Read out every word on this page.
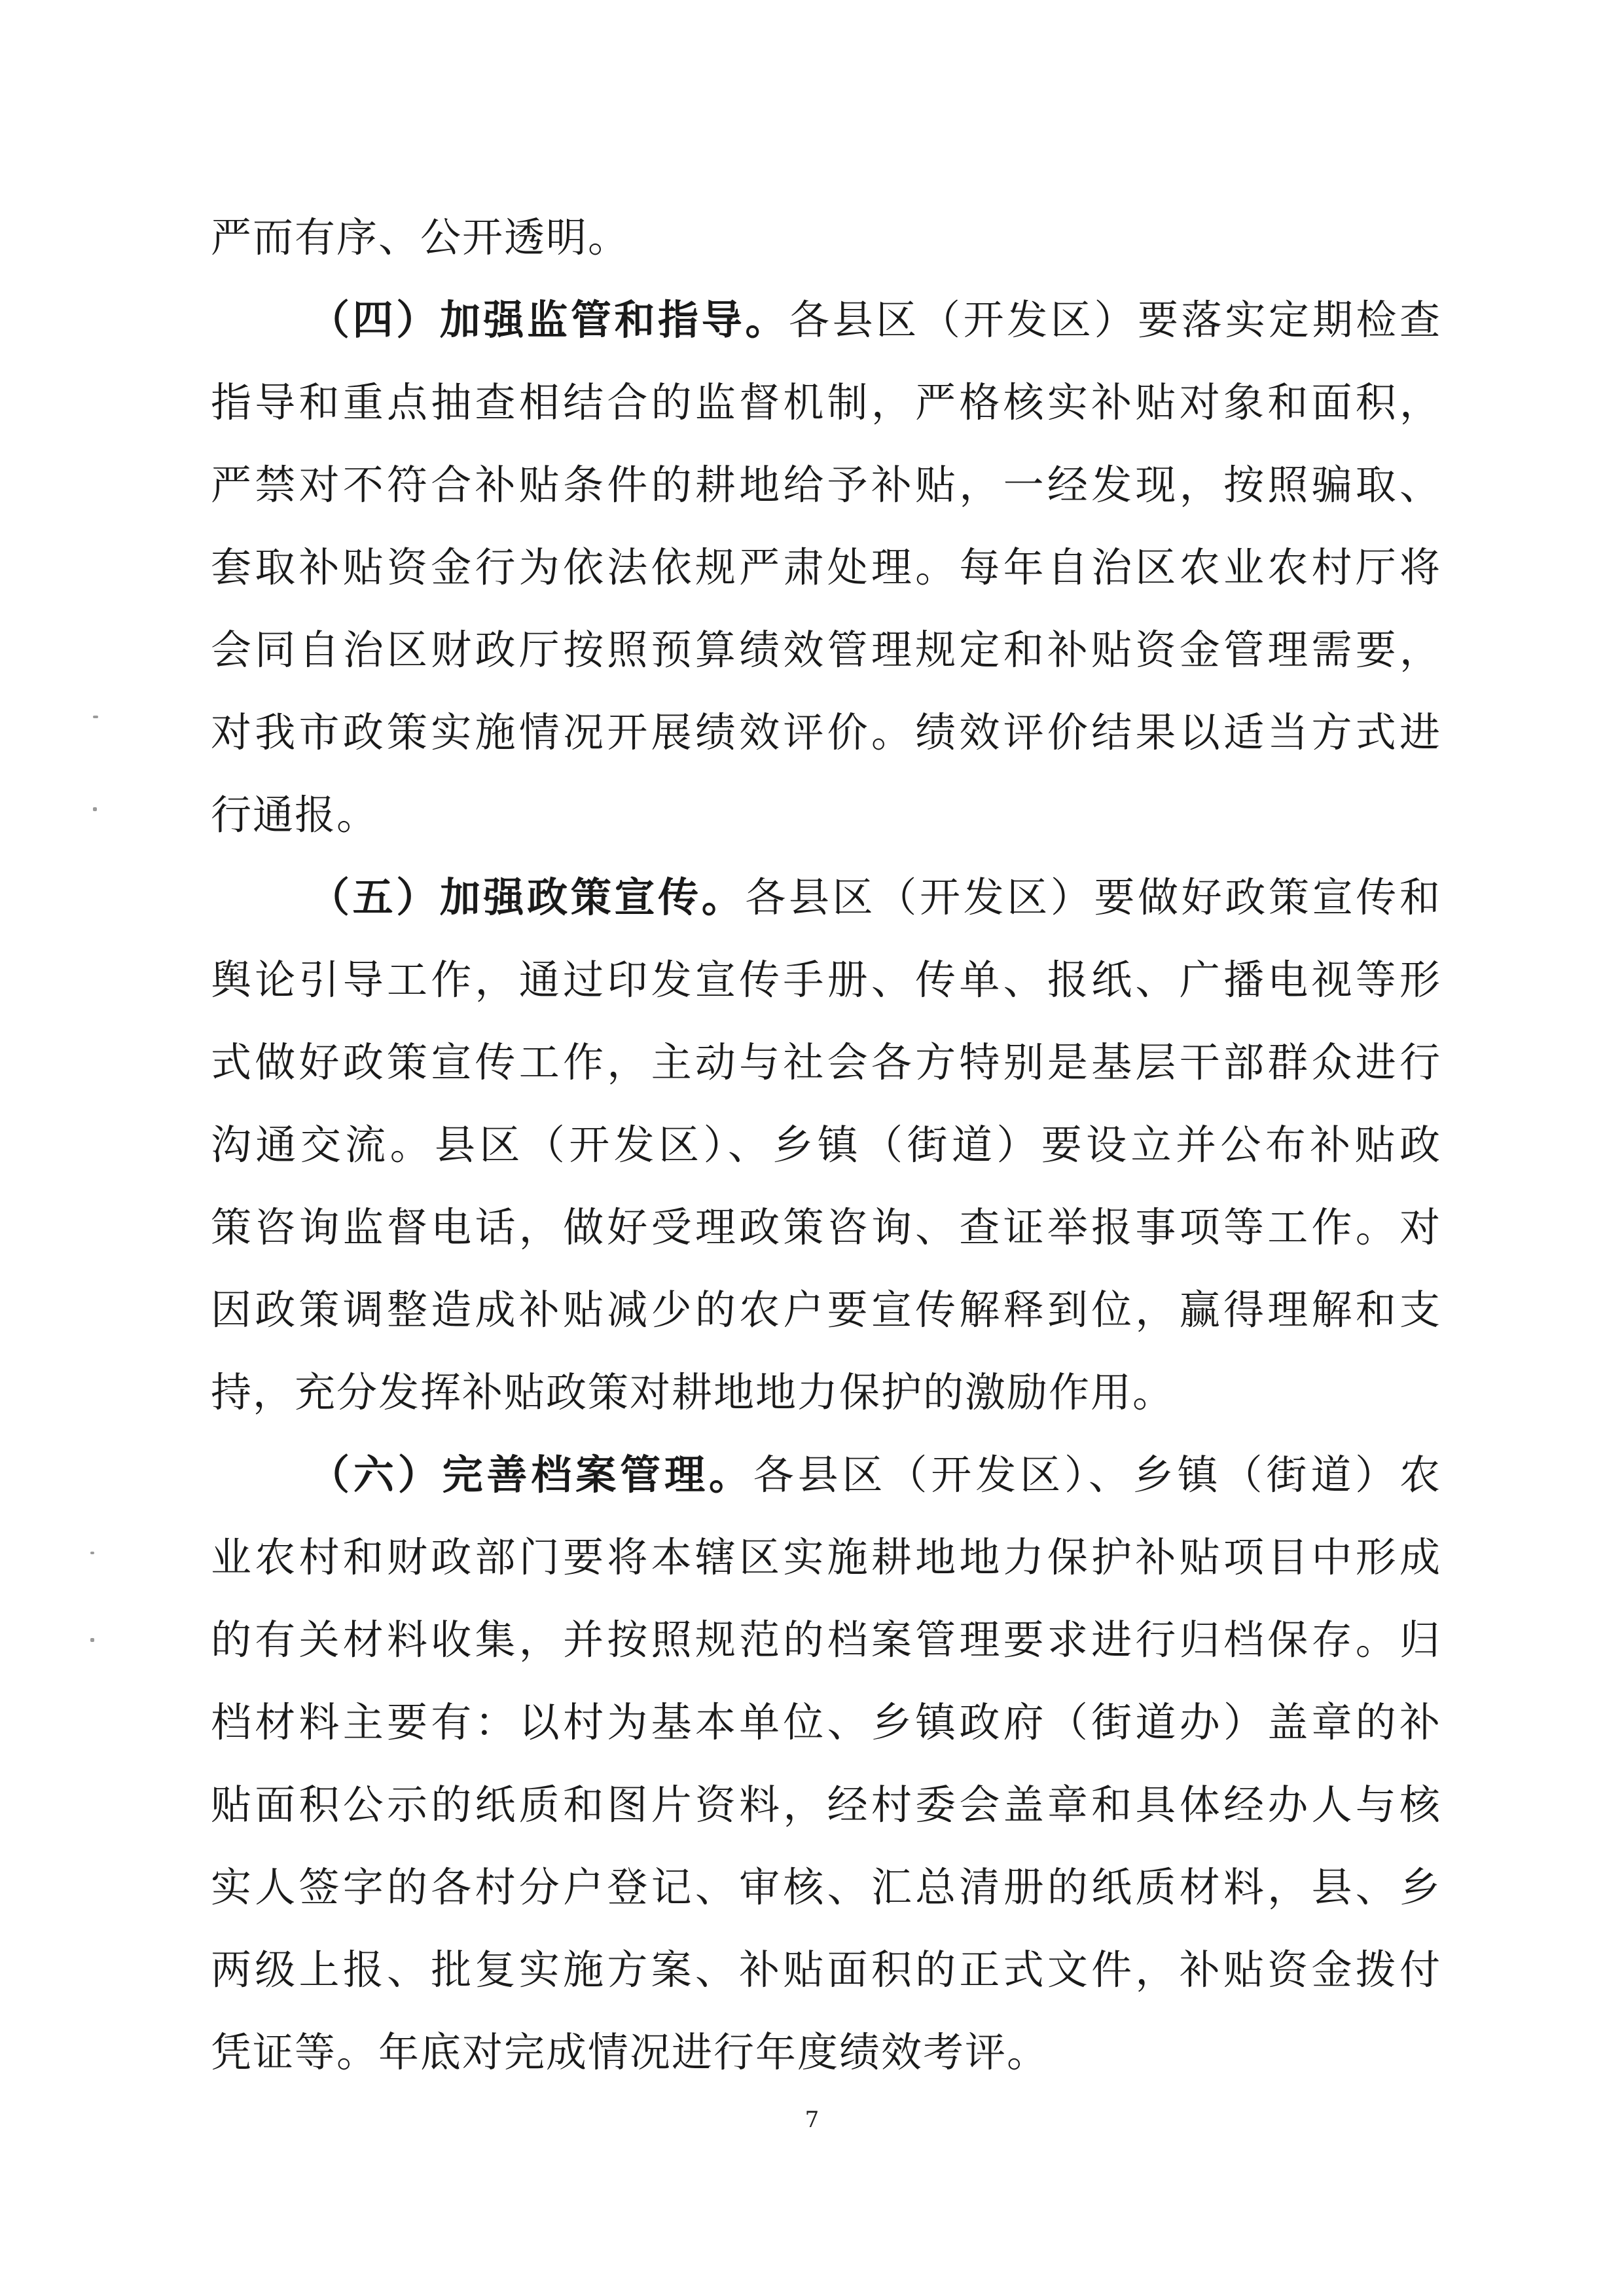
严而有序、公开透明。
（四）加强监管和指导。各县区（开发区）要落实定期检查
指导和重点抽查相结合的监督机制，严格核实补贴对象和面积，
严禁对不符合补贴条件的耕地给予补贴，一经发现，按照骗取、
套取补贴资金行为依法依规严肃处理。每年自治区农业农村厅将
会同自治区财政厅按照预算绩效管理规定和补贴资金管理需要，
对我市政策实施情况开展绩效评价。绩效评价结果以适当方式进
行通报。
（五）加强政策宣传。各县区（开发区）要做好政策宣传和
舆论引导工作，通过印发宣传手册、传单、报纸、广播电视等形
式做好政策宣传工作，主动与社会各方特别是基层干部群众进行
沟通交流。县区（开发区）、乡镇（街道）要设立并公布补贴政
策咨询监督电话，做好受理政策咨询、查证举报事项等工作。对
因政策调整造成补贴减少的农户要宣传解释到位，赢得理解和支
持，充分发挥补贴政策对耕地地力保护的激励作用。
（六）完善档案管理。各县区（开发区）、乡镇（街道）农
业农村和财政部门要将本辖区实施耕地地力保护补贴项目中形成
的有关材料收集，并按照规范的档案管理要求进行归档保存。归
档材料主要有：以村为基本单位、乡镇政府（街道办）盖章的补
贴面积公示的纸质和图片资料，经村委会盖章和具体经办人与核
实人签字的各村分户登记、审核、汇总清册的纸质材料，县、乡
两级上报、批复实施方案、补贴面积的正式文件，补贴资金拨付
凭证等。年底对完成情况进行年度绩效考评。
7
